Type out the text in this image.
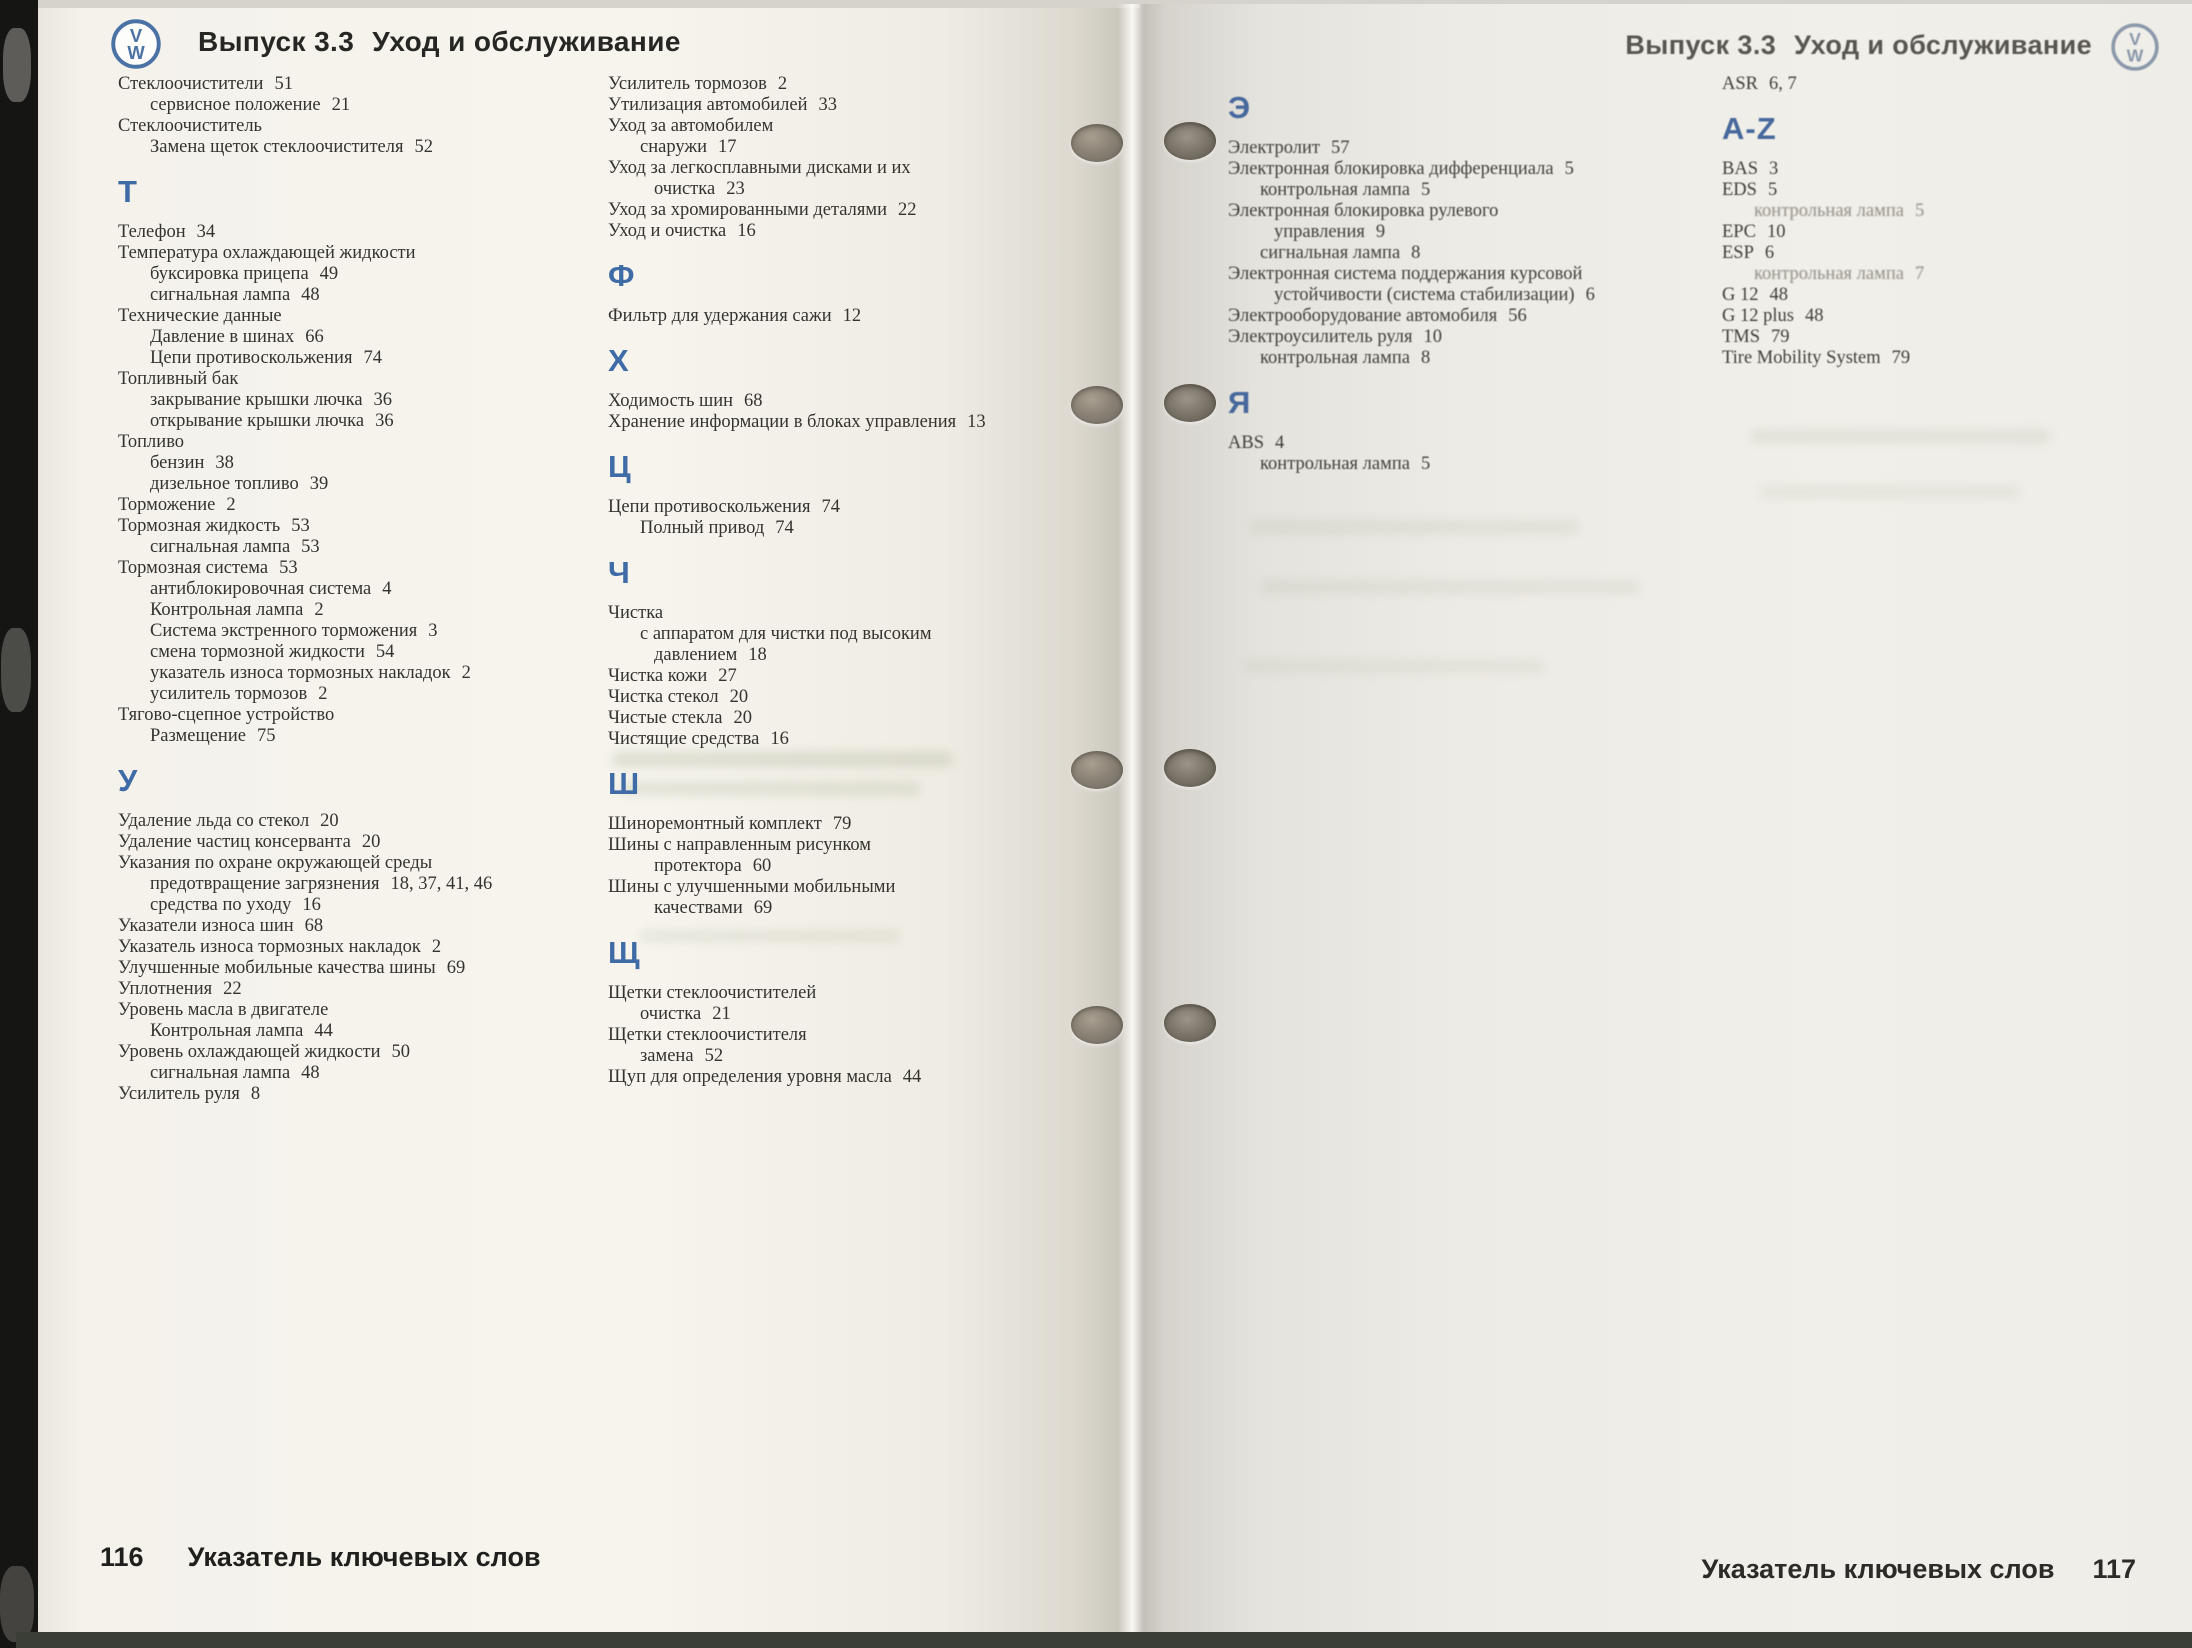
V
W Выпуск 3.3 Уход и обслуживание	Выпуск 3.3 Уход и обслуживание V
W
Стеклоочистители 51
сервисное положение 21
Стеклоочиститель
Замена щеток стеклоочистителя 52
Т
Телефон 34
Температура охлаждающей жидкости
буксировка прицепа 49
сигнальная лампа 48
Технические данные
Давление в шинах 66
Цепи противоскольжения 74
Топливный бак
закрывание крышки лючка 36
открывание крышки лючка 36
Топливо
бензин 38
дизельное топливо 39
Торможение 2
Тормозная жидкость 53
сигнальная лампа 53
Тормозная система 53
антиблокировочная система 4
Контрольная лампа 2
Система экстренного торможения 3
смена тормозной жидкости 54
указатель износа тормозных накладок 2
усилитель тормозов 2
Тягово-сцепное устройство
Размещение 75
У
Удаление льда со стекол 20
Удаление частиц консерванта 20
Указания по охране окружающей среды
предотвращение загрязнения 18, 37, 41, 46
средства по уходу 16
Указатели износа шин 68
Указатель износа тормозных накладок 2
Улучшенные мобильные качества шины 69
Уплотнения 22
Уровень масла в двигателе
Контрольная лампа 44
Уровень охлаждающей жидкости 50
сигнальная лампа 48
Усилитель руля 8
Усилитель тормозов 2
Утилизация автомобилей 33
Уход за автомобилем
снаружи 17
Уход за легкосплавными дисками и их
очистка 23
Уход за хромированными деталями 22
Уход и очистка 16
Ф
Фильтр для удержания сажи 12
Х
Ходимость шин 68
Хранение информации в блоках управления 13
Ц
Цепи противоскольжения 74
Полный привод 74
Ч
Чистка
с аппаратом для чистки под высоким
давлением 18
Чистка кожи 27
Чистка стекол 20
Чистые стекла 20
Чистящие средства 16
Ш
Шиноремонтный комплект 79
Шины с направленным рисунком
протектора 60
Шины с улучшенными мобильными
качествами 69
Щ
Щетки стеклоочистителей
очистка 21
Щетки стеклоочистителя
замена 52
Щуп для определения уровня масла 44
Э
Электролит 57
Электронная блокировка дифференциала 5
контрольная лампа 5
Электронная блокировка рулевого
управления 9
сигнальная лампа 8
Электронная система поддержания курсовой
устойчивости (система стабилизации) 6
Электрооборудование автомобиля 56
Электроусилитель руля 10
контрольная лампа 8
Я
ABS 4
контрольная лампа 5
ASR 6, 7
A-Z
BAS 3
EDS 5
контрольная лампа 5
EPC 10
ESP 6
контрольная лампа 7
G 12 48
G 12 plus 48
TMS 79
Tire Mobility System 79
116 Указатель ключевых слов	Указатель ключевых слов 117
